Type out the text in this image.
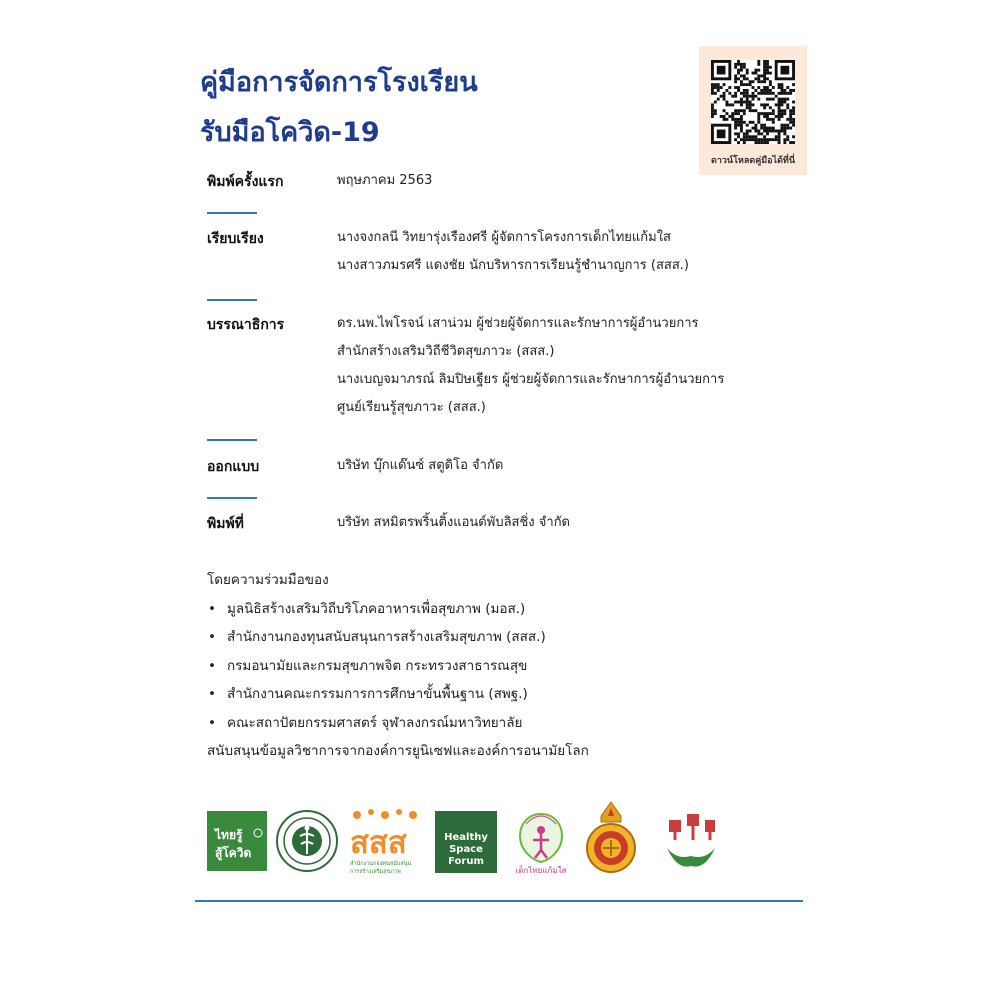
คู่มือการจัดการโรงเรียน
รับมือโควิด-19
ดาวน์โหลดคู่มือได้ที่นี่
พิมพ์ครั้งแรก	พฤษภาคม 2563
เรียบเรียง	นางจงกลนี วิทยารุ่งเรืองศรี ผู้จัดการโครงการเด็กไทยแก้มใส
นางสาวภมรศรี แดงชัย นักบริหารการเรียนรู้ชำนาญการ (สสส.)
บรรณาธิการ	ดร.นพ.ไพโรจน์ เสาน่วม ผู้ช่วยผู้จัดการและรักษาการผู้อำนวยการ
สำนักสร้างเสริมวิถีชีวิตสุขภาวะ (สสส.)
นางเบญจมาภรณ์ ลิมปิษเฐียร ผู้ช่วยผู้จัดการและรักษาการผู้อำนวยการ
ศูนย์เรียนรู้สุขภาวะ (สสส.)
ออกแบบ	บริษัท บุ๊กแด๊นซ์ สตูดิโอ จำกัด
พิมพ์ที่	บริษัท สหมิตรพริ้นติ้งแอนด์พับลิสชิ่ง จำกัด
โดยความร่วมมือของ
• มูลนิธิสร้างเสริมวิถีบริโภคอาหารเพื่อสุขภาพ (มอส.)
• สำนักงานกองทุนสนับสนุนการสร้างเสริมสุขภาพ (สสส.)
• กรมอนามัยและกรมสุขภาพจิต กระทรวงสาธารณสุข
• สำนักงานคณะกรรมการการศึกษาขั้นพื้นฐาน (สพฐ.)
• คณะสถาปัตยกรรมศาสตร์ จุฬาลงกรณ์มหาวิทยาลัย
สนับสนุนข้อมูลวิชาการจากองค์การยูนิเซฟและองค์การอนามัยโลก
ไทยรู้
สู้โควิด	สสส
สำนักงานกองทุนสนับสนุน
การสร้างเสริมสุขภาพ
Healthy
Space
Forum
เด็กไทยแก้มใส
